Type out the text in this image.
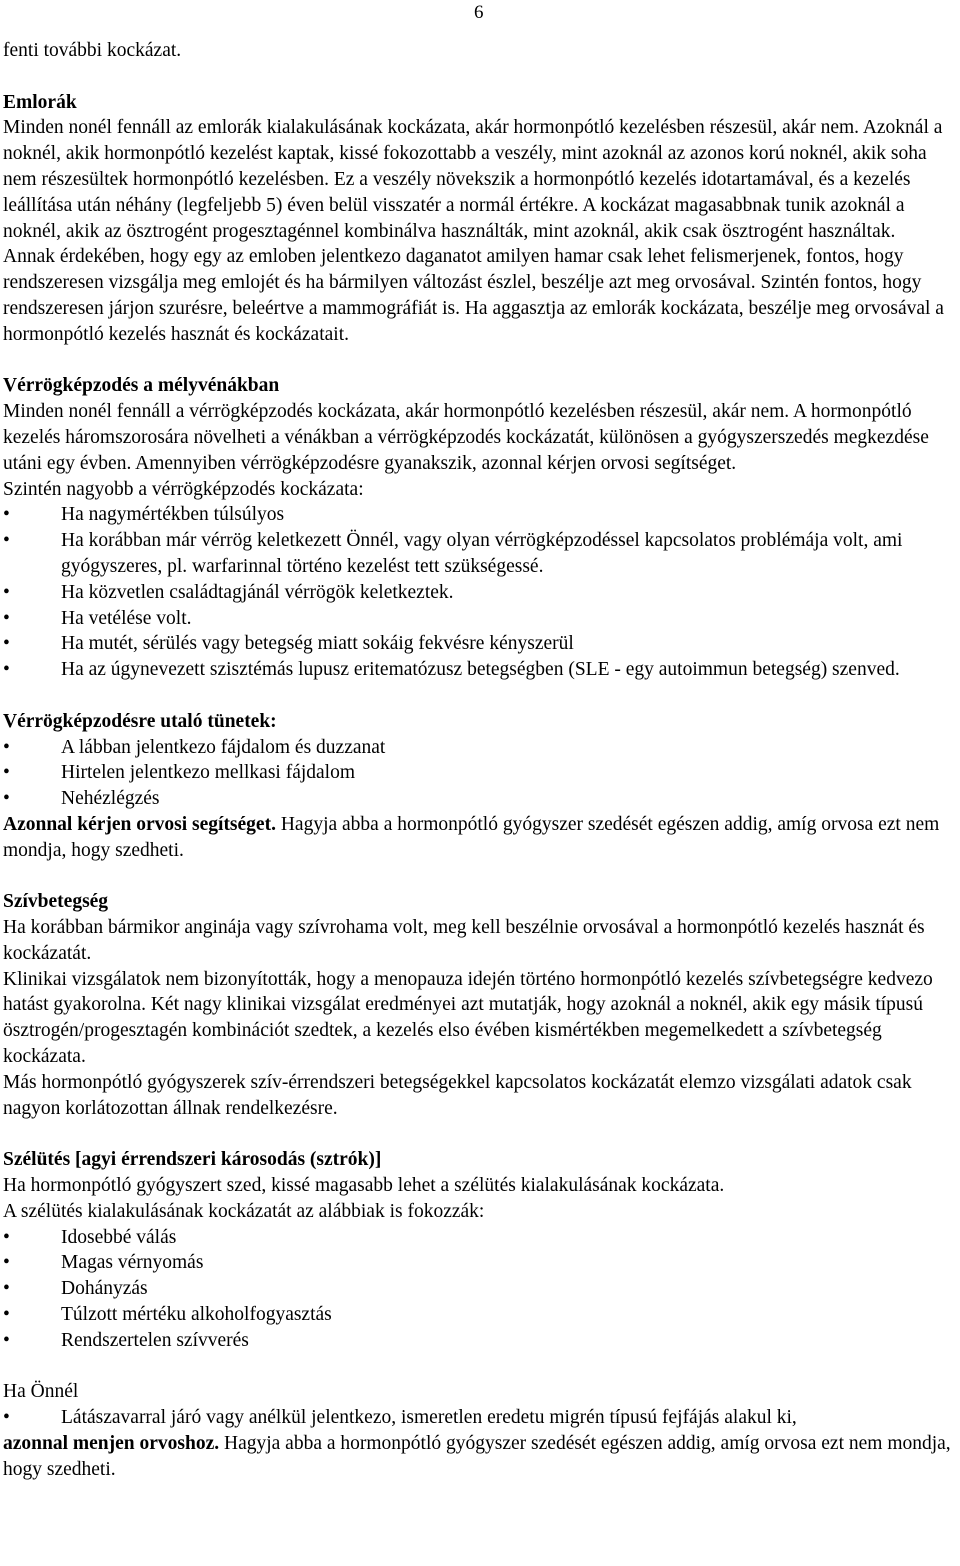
6

fenti további kockázat.

Emlorák

Minden nonél fennáll az emlorák kialakulásának kockázata, akár hormonpótló kezelésben részesül, akár nem. Azoknál a noknél, akik hormonpótló kezelést kaptak, kissé fokozottabb a veszély, mint azoknál az azonos korú noknél, akik soha nem részesültek hormonpótló kezelésben. Ez a veszély növekszik a hormonpótló kezelés idotartamával, és a kezelés leállítása után néhány (legfeljebb 5) éven belül visszatér a normál értékre. A kockázat magasabbnak tunik azoknál a noknél, akik az ösztrogént progesztagénnel kombinálva használták, mint azoknál, akik csak ösztrogént használtak.

Annak érdekében, hogy egy az emloben jelentkezo daganatot amilyen hamar csak lehet felismerjenek, fontos, hogy rendszeresen vizsgálja meg emlojét és ha bármilyen változást észlel, beszélje azt meg orvosával. Szintén fontos, hogy rendszeresen járjon szurésre, beleértve a mammográfiát is. Ha aggasztja az emlorák kockázata, beszélje meg orvosával a hormonpótló kezelés hasznát és kockázatait.

Vérrögképzodés a mélyvénákban

Minden nonél fennáll a vérrögképzodés kockázata, akár hormonpótló kezelésben részesül, akár nem. A hormonpótló kezelés háromszorosára növelheti a vénákban a vérrögképzodés kockázatát, különösen a gyógyszerszedés megkezdése utáni egy évben. Amennyiben vérrögképzodésre gyanakszik, azonnal kérjen orvosi segítséget.

Szintén nagyobb a vérrögképzodés kockázata:

•	Ha nagymértékben túlsúlyos
•	Ha korábban már vérrög keletkezett Önnél, vagy olyan vérrögképzodéssel kapcsolatos problémája volt, ami gyógyszeres, pl. warfarinnal történo kezelést tett szükségessé.
•	Ha közvetlen családtagjánál vérrögök keletkeztek.
•	Ha vetélése volt.
•	Ha mutét, sérülés vagy betegség miatt sokáig fekvésre kényszerül
•	Ha az úgynevezett szisztémás lupusz eritematózusz betegségben (SLE - egy autoimmun betegség) szenved.

Vérrögképzodésre utaló tünetek:

•	A lábban jelentkezo fájdalom és duzzanat
•	Hirtelen jelentkezo mellkasi fájdalom
•	Nehézlégzés

Azonnal kérjen orvosi segítséget. Hagyja abba a hormonpótló gyógyszer szedését egészen addig, amíg orvosa ezt nem mondja, hogy szedheti.

Szívbetegség

Ha korábban bármikor anginája vagy szívrohama volt, meg kell beszélnie orvosával a hormonpótló kezelés hasznát és kockázatát.

Klinikai vizsgálatok nem bizonyították, hogy a menopauza idején történo hormonpótló kezelés szívbetegségre kedvezo hatást gyakorolna. Két nagy klinikai vizsgálat eredményei azt mutatják, hogy azoknál a noknél, akik egy másik típusú ösztrogén/progesztagén kombinációt szedtek, a kezelés elso évében kismértékben megemelkedett a szívbetegség kockázata.

Más hormonpótló gyógyszerek szív-érrendszeri betegségekkel kapcsolatos kockázatát elemzo vizsgálati adatok csak nagyon korlátozottan állnak rendelkezésre.

Szélütés [agyi érrendszeri károsodás (sztrók)]

Ha hormonpótló gyógyszert szed, kissé magasabb lehet a szélütés kialakulásának kockázata.

A szélütés kialakulásának kockázatát az alábbiak is fokozzák:

•	Idosebbé válás
•	Magas vérnyomás
•	Dohányzás
•	Túlzott mértéku alkoholfogyasztás
•	Rendszertelen szívverés

Ha Önnél

•	Látászavarral járó vagy anélkül jelentkezo, ismeretlen eredetu migrén típusú fejfájás alakul ki,

azonnal menjen orvoshoz. Hagyja abba a hormonpótló gyógyszer szedését egészen addig, amíg orvosa ezt nem mondja, hogy szedheti.
